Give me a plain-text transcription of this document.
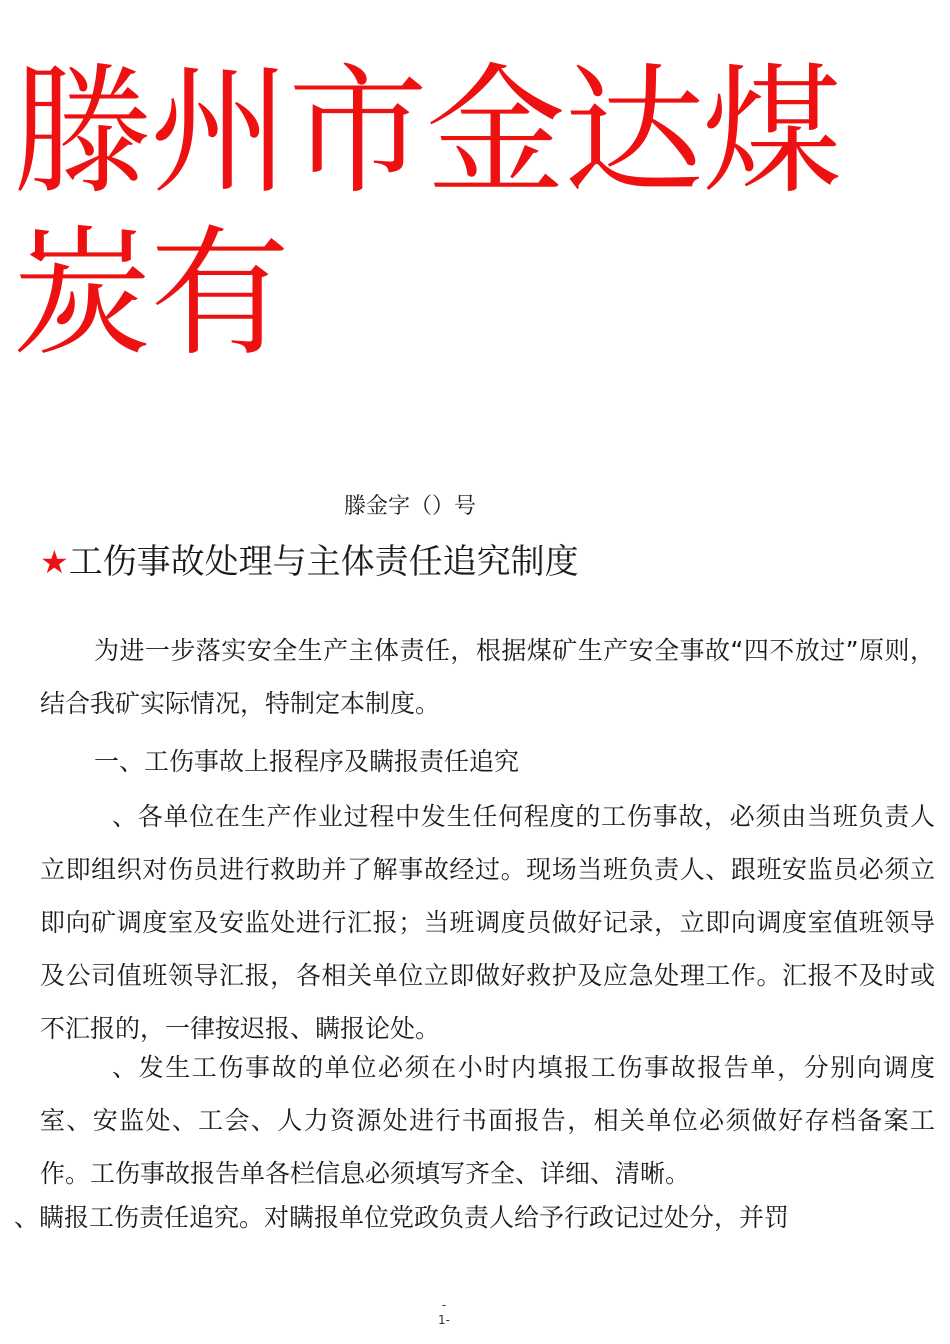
滕州市金达煤炭有
滕金字（）号
★工伤事故处理与主体责任追究制度
为进一步落实安全生产主体责任，根据煤矿生产安全事故“四不放过”原则，结合我矿实际情况，特制定本制度。
一、工伤事故上报程序及瞒报责任追究
、各单位在生产作业过程中发生任何程度的工伤事故，必须由当班负责人立即组织对伤员进行救助并了解事故经过。现场当班负责人、跟班安监员必须立即向矿调度室及安监处进行汇报；当班调度员做好记录，立即向调度室值班领导及公司值班领导汇报，各相关单位立即做好救护及应急处理工作。汇报不及时或不汇报的，一律按迟报、瞒报论处。
、发生工伤事故的单位必须在小时内填报工伤事故报告单，分别向调度室、安监处、工会、人力资源处进行书面报告，相关单位必须做好存档备案工作。工伤事故报告单各栏信息必须填写齐全、详细、清晰。
、瞒报工伤责任追究。对瞒报单位党政负责人给予行政记过处分，并罚
-
1-
